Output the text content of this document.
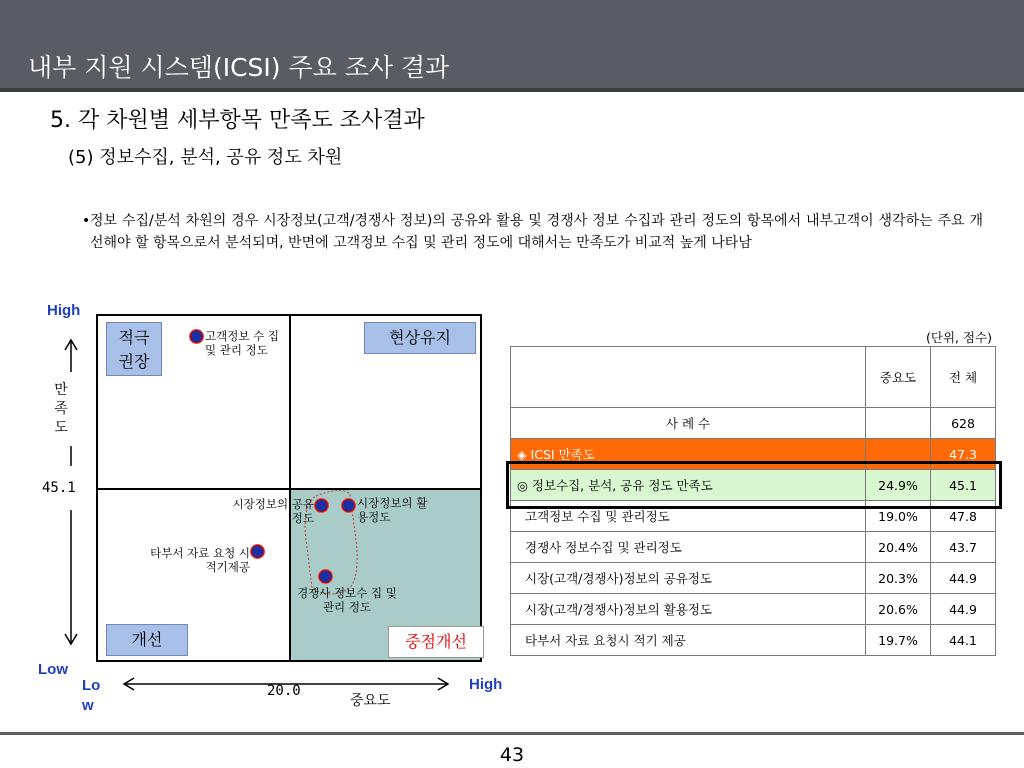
내부 지원 시스템(ICSI) 주요 조사 결과
5. 각 차원별 세부항목 만족도 조사결과
(5) 정보수집, 분석, 공유 정도 차원
• 정보 수집/분석 차원의 경우 시장정보(고객/경쟁사 정보)의 공유와 활용 및 경쟁사 정보 수집과 관리 정도의 항목에서 내부고객이 생각하는 주요 개선해야 할 항목으로서 분석되며, 반면에 고객정보 수집 및 관리 정도에 대해서는 만족도가 비교적 높게 나타남
High
Low
Lo w
High
만
족
도
45.1
20.0
중요도
적극 권장
현상유지
개선	중점개선
고객정보 수 집 및 관리 정도
시장정보의 공유 정도
시장정보의 활용정도
타부서 자료 요청 시 적기제공
경쟁사 정보수 집 및 관리 정도
(단위, 점수)
	중요도	전 체
사 례 수		628
◈ ICSI 만족도		47.3
◎ 정보수집, 분석, 공유 정도 만족도	24.9%	45.1
고객정보 수집 및 관리정도	19.0%	47.8
경쟁사 정보수집 및 관리정도	20.4%	43.7
시장(고객/경쟁사)정보의 공유정도	20.3%	44.9
시장(고객/경쟁사)정보의 활용정도	20.6%	44.9
타부서 자료 요청시 적기 제공	19.7%	44.1
43
